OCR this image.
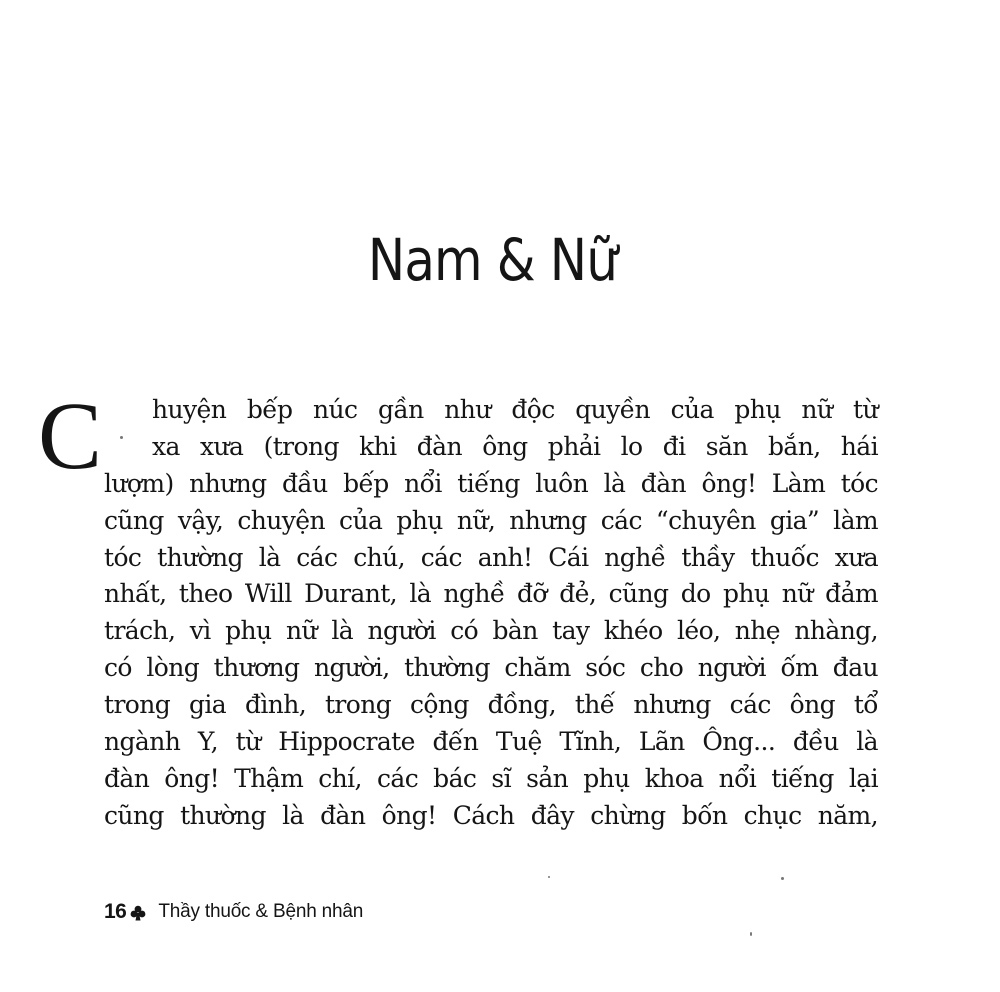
Nam & Nữ
C	huyện bếp núc gần như độc quyền của phụ nữ từ
xa xưa (trong khi đàn ông phải lo đi săn bắn, hái
lượm) nhưng đầu bếp nổi tiếng luôn là đàn ông! Làm tóc
cũng vậy, chuyện của phụ nữ, nhưng các “chuyên gia” làm
tóc thường là các chú, các anh! Cái nghề thầy thuốc xưa
nhất, theo Will Durant, là nghề đỡ đẻ, cũng do phụ nữ đảm
trách, vì phụ nữ là người có bàn tay khéo léo, nhẹ nhàng,
có lòng thương người, thường chăm sóc cho người ốm đau
trong gia đình, trong cộng đồng, thế nhưng các ông tổ
ngành Y, từ Hippocrate đến Tuệ Tĩnh, Lãn Ông... đều là
đàn ông! Thậm chí, các bác sĩ sản phụ khoa nổi tiếng lại
cũng thường là đàn ông! Cách đây chừng bốn chục năm,
16 Thầy thuốc & Bệnh nhân
